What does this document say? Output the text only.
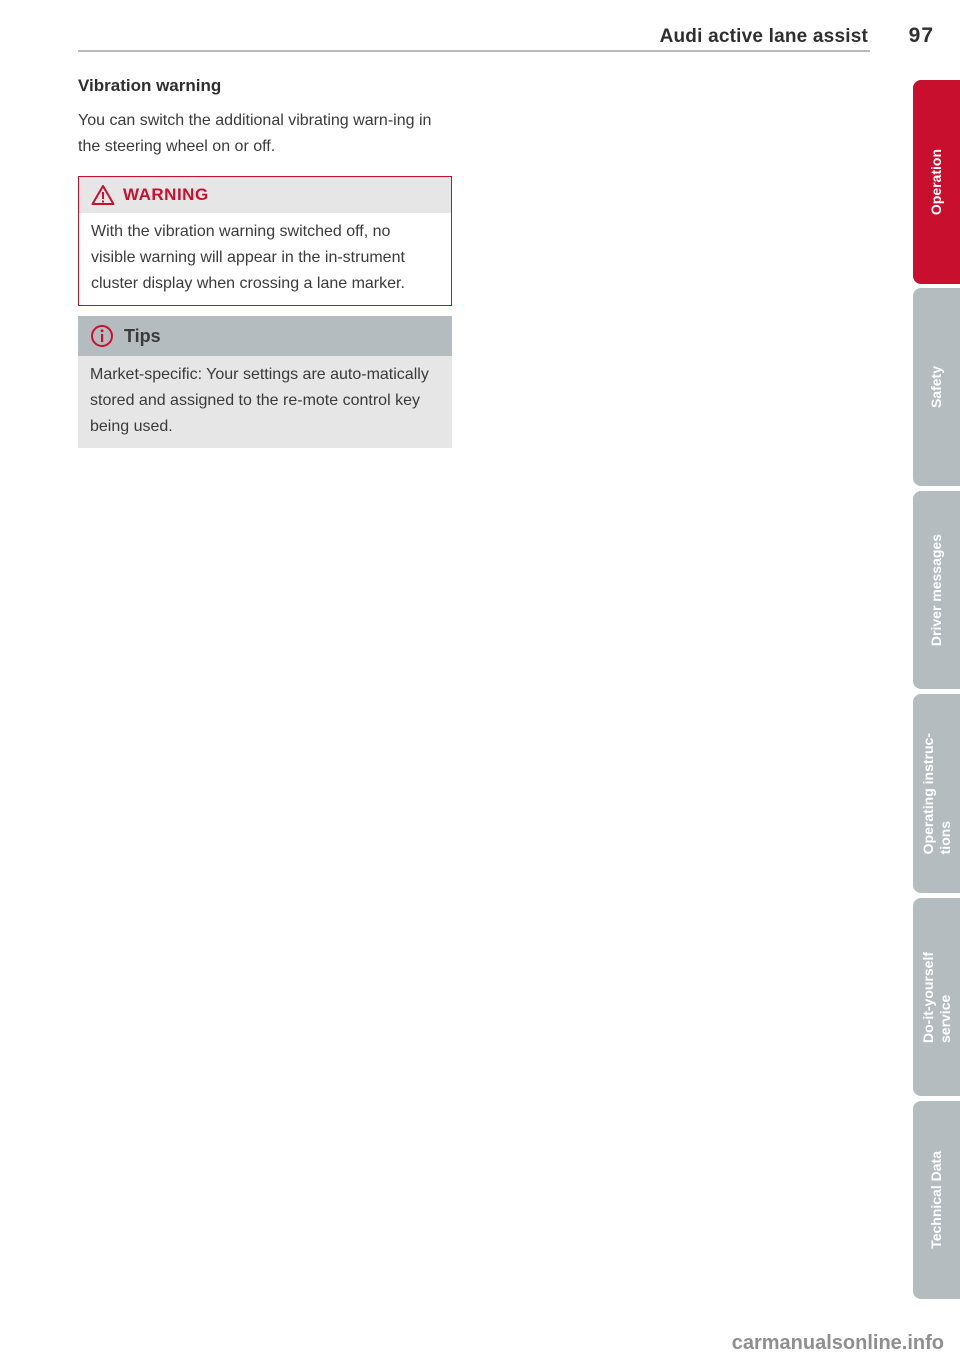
Audi active lane assist 97
Vibration warning

You can switch the additional vibrating warn-ing in the steering wheel on or off.

WARNING
With the vibration warning switched off, no visible warning will appear in the in-strument cluster display when crossing a lane marker.
Tips
Market-specific: Your settings are auto-matically stored and assigned to the re-mote control key being used.
Operation
Safety
Driver messages
Operating instruc-
tions
Do-it-yourself
service
Technical Data
carmanualsonline.info
